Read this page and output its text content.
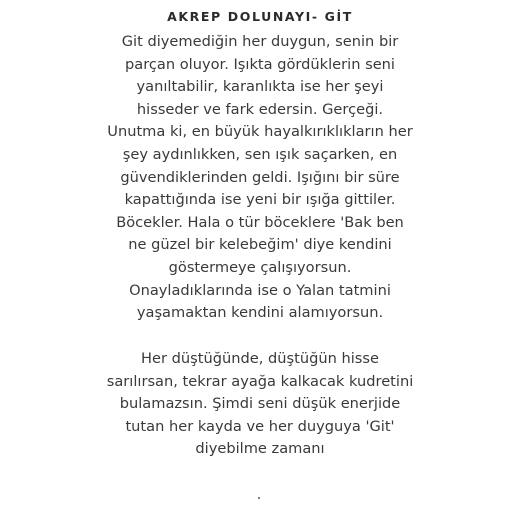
AKREP DOLUNAYI- GİT
Git diyemediğin her duygun, senin bir
parçan oluyor. Işıkta gördüklerin seni
yanıltabilir, karanlıkta ise her şeyi
hisseder ve fark edersin. Gerçeği.
Unutma ki, en büyük hayalkırıklıkların her
şey aydınlıkken, sen ışık saçarken, en
güvendiklerinden geldi. Işığını bir süre
kapattığında ise yeni bir ışığa gittiler.
Böcekler. Hala o tür böceklere 'Bak ben
ne güzel bir kelebeğim' diye kendini
göstermeye çalışıyorsun.
Onayladıklarında ise o Yalan tatmini
yaşamaktan kendini alamıyorsun.
Her düştüğünde, düştüğün hisse
sarılırsan, tekrar ayağa kalkacak kudretini
bulamazsın. Şimdi seni düşük enerjide
tutan her kayda ve her duyguya 'Git'
diyebilme zamanı
